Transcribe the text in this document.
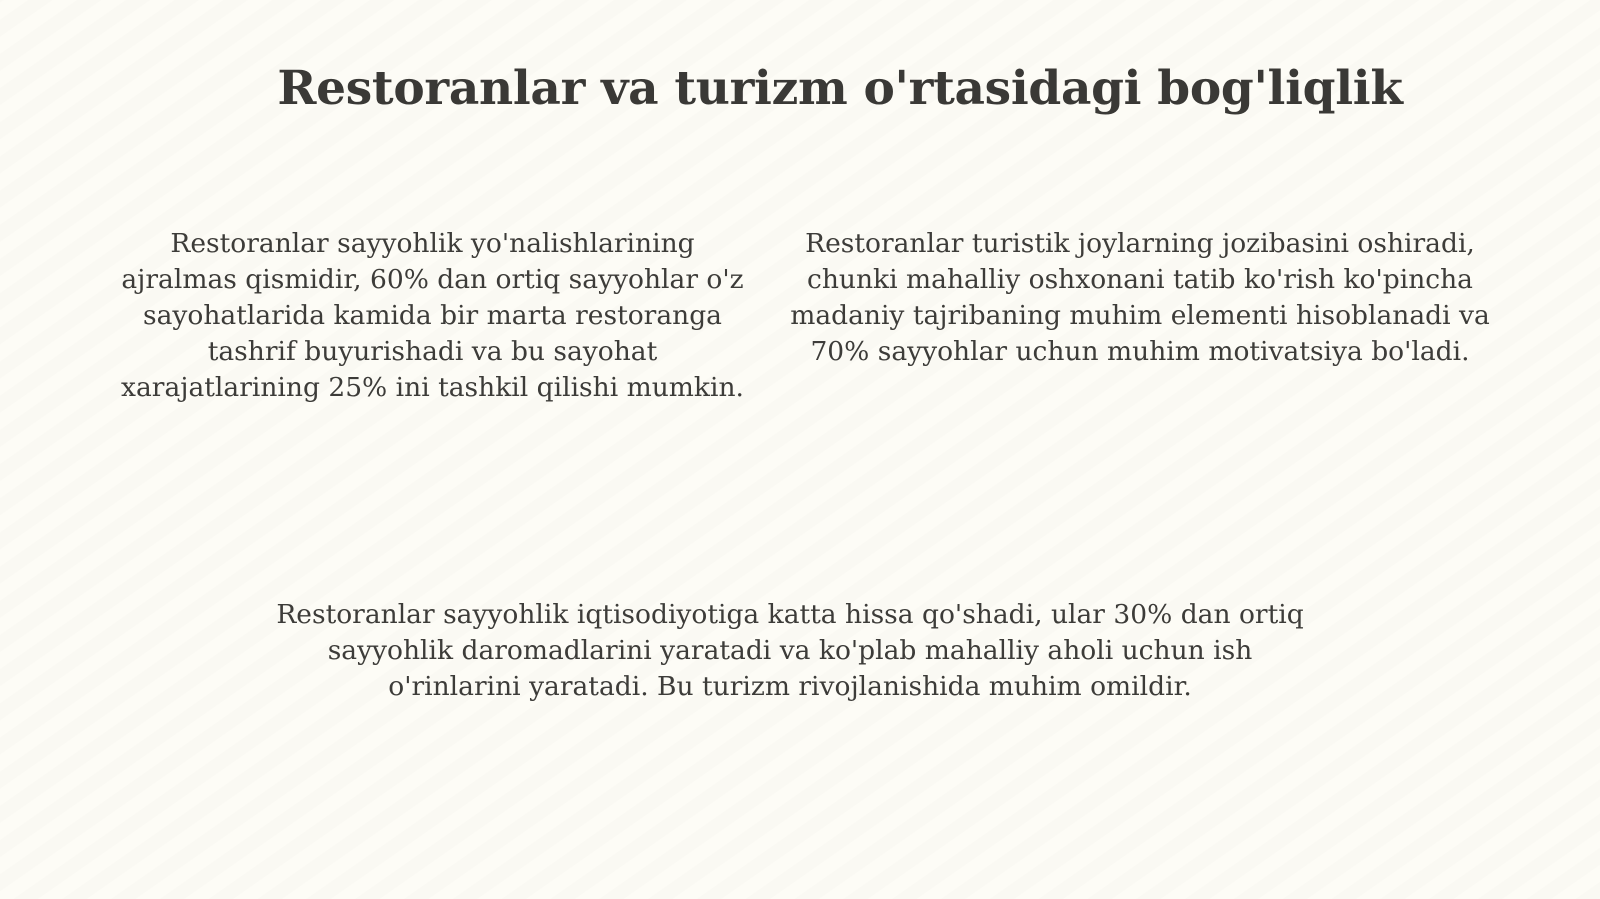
Restoranlar va turizm o'rtasidagi bog'liqlik

Restoranlar sayyohlik yo'nalishlarining ajralmas qismidir, 60% dan ortiq sayyohlar o'z sayohatlarida kamida bir marta restoranga tashrif buyurishadi va bu sayohat xarajatlarining 25% ini tashkil qilishi mumkin.

Restoranlar turistik joylarning jozibasini oshiradi, chunki mahalliy oshxonani tatib ko'rish ko'pincha madaniy tajribaning muhim elementi hisoblanadi va 70% sayyohlar uchun muhim motivatsiya bo'ladi.

Restoranlar sayyohlik iqtisodiyotiga katta hissa qo'shadi, ular 30% dan ortiq sayyohlik daromadlarini yaratadi va ko'plab mahalliy aholi uchun ish o'rinlarini yaratadi. Bu turizm rivojlanishida muhim omildir.
